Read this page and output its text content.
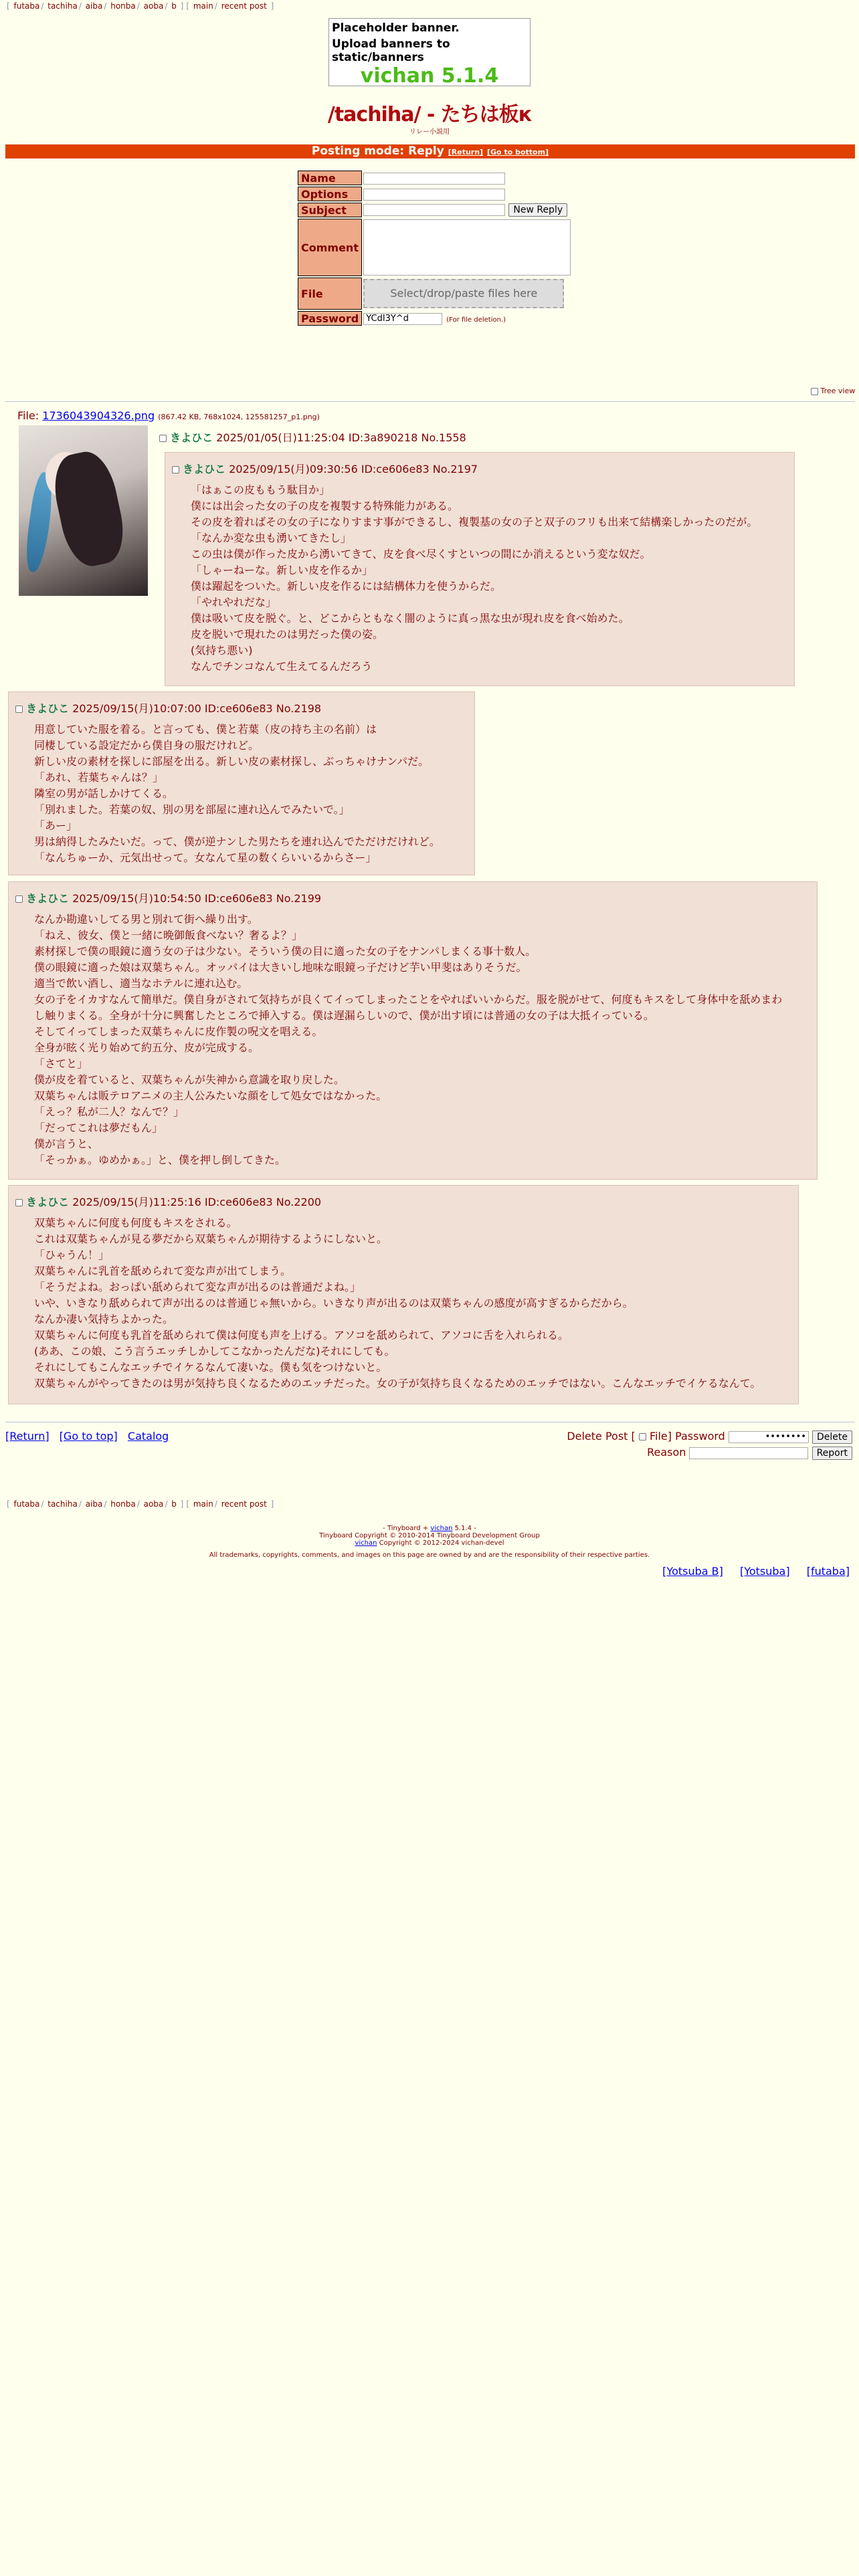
[ futaba / tachiha / aiba / honba / aoba / b ] [ main / recent post ]
Placeholder banner.
Upload banners to static/banners
vichan 5.1.4
/tachiha/ - たちは板к
リレー小説用
Posting mode: Reply [Return] [Go to bottom]
Name	
Options	
Subject	New Reply
Comment	

File	Select/drop/paste files here

Password	YCdI3Y^d (For file deletion.)
Tree view
File: 1736043904326.png (867.42 KB, 768x1024, 125581257_p1.png)
きよひこ 2025/01/05(日)11:25:04 ID:3a890218 No.1558
きよひこ 2025/09/15(月)09:30:56 ID:ce606e83 No.2197
「はぁこの皮ももう駄目か」
僕には出会った女の子の皮を複製する特殊能力がある。
その皮を着ればその女の子になりすます事ができるし、複製基の女の子と双子のフリも出来て結構楽しかったのだが。
「なんか変な虫も湧いてきたし」
この虫は僕が作った皮から湧いてきて、皮を食べ尽くすといつの間にか消えるという変な奴だ。
「しゃーねーな。新しい皮を作るか」
僕は躍起をついた。新しい皮を作るには結構体力を使うからだ。
「やれやれだな」
僕は吸いて皮を脱ぐ。と、どこからともなく闇のように真っ黒な虫が現れ皮を食べ始めた。
皮を脱いで現れたのは男だった僕の姿。
(気持ち悪い)
なんでチンコなんて生えてるんだろう
きよひこ 2025/09/15(月)10:07:00 ID:ce606e83 No.2198
用意していた服を着る。と言っても、僕と若葉（皮の持ち主の名前）は
同棲している設定だから僕自身の服だけれど。
新しい皮の素材を探しに部屋を出る。新しい皮の素材探し、ぶっちゃけナンパだ。
「あれ、若葉ちゃんは？」
隣室の男が話しかけてくる。
「別れました。若葉の奴、別の男を部屋に連れ込んでみたいで。」
「あー」
男は納得したみたいだ。って、僕が逆ナンした男たちを連れ込んでただけだけれど。
「なんちゅーか、元気出せって。女なんて星の数くらいいるからさー」
きよひこ 2025/09/15(月)10:54:50 ID:ce606e83 No.2199
なんか勘違いしてる男と別れて街へ繰り出す。
「ねえ、彼女、僕と一緒に晩御飯食べない？奢るよ？」
素材探しで僕の眼鏡に適う女の子は少ない。そういう僕の目に適った女の子をナンパしまくる事十数人。
僕の眼鏡に適った娘は双葉ちゃん。オッパイは大きいし地味な眼鏡っ子だけど芋い甲斐はありそうだ。
適当で飲い酒し、適当なホテルに連れ込む。
女の子をイカすなんて簡単だ。僕自身がされて気持ちが良くてイってしまったことをやればいいからだ。服を脱がせて、何度もキスをして身体中を舐めまわ
し触りまくる。全身が十分に興奮したところで挿入する。僕は遅漏らしいので、僕が出す頃には普通の女の子は大抵イっている。
そしてイってしまった双葉ちゃんに皮作製の呪文を唱える。
全身が眩く光り始めて約五分、皮が完成する。
「さてと」
僕が皮を着ていると、双葉ちゃんが失神から意識を取り戻した。
双葉ちゃんは販テロアニメの主人公みたいな顔をして処女ではなかった。
「えっ？私が二人？なんで？」
「だってこれは夢だもん」
僕が言うと、
「そっかぁ。ゆめかぁ。」と、僕を押し倒してきた。
きよひこ 2025/09/15(月)11:25:16 ID:ce606e83 No.2200
双葉ちゃんに何度も何度もキスをされる。
これは双葉ちゃんが見る夢だから双葉ちゃんが期待するようにしないと。
「ひゃうん！」
双葉ちゃんに乳首を舐められて変な声が出てしまう。
「そうだよね。おっぱい舐められて変な声が出るのは普通だよね。」
いや、いきなり舐められて声が出るのは普通じゃ無いから。いきなり声が出るのは双葉ちゃんの感度が高すぎるからだから。
なんか凄い気持ちよかった。
双葉ちゃんに何度も乳首を舐められて僕は何度も声を上げる。アソコを舐められて、アソコに舌を入れられる。
(ああ、この娘、こう言うエッチしかしてこなかったんだな)それにしても。
それにしてもこんなエッチでイケるなんて凄いな。僕も気をつけないと。
双葉ちゃんがやってきたのは男が気持ち良くなるためのエッチだった。女の子が気持ち良くなるためのエッチではない。こんなエッチでイケるなんて。
[Return] [Go to top] Catalog	Delete Post [ File] Password	•••••••• Delete
Reason	Report
[ futaba / tachiha / aiba / honba / aoba / b ] [ main / recent post ]
- Tinyboard + vichan 5.1.4 -
Tinyboard Copyright © 2010-2014 Tinyboard Development Group
vichan Copyright © 2012-2024 vichan-devel
All trademarks, copyrights, comments, and images on this page are owned by and are the responsibility of their respective parties.
[Yotsuba B] [Yotsuba] [futaba]
